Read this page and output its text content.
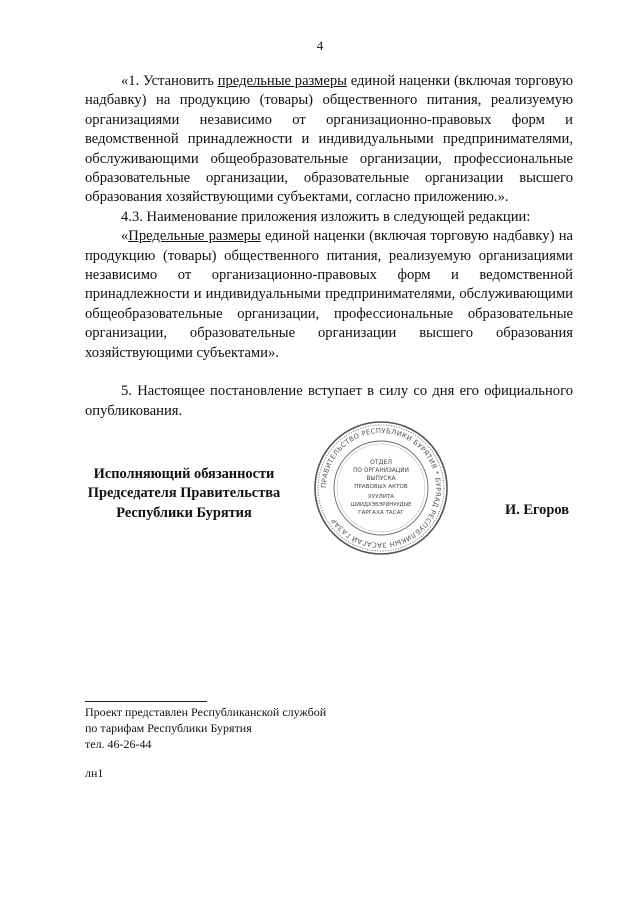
4

«1. Установить предельные размеры единой наценки (включая торговую надбавку) на продукцию (товары) общественного питания, реализуемую организациями независимо от организационно-правовых форм и ведомственной принадлежности и индивидуальными предпринимателями, обслуживающими общеобразовательные организации, профессиональные образовательные организации, образовательные организации высшего образования хозяйствующими субъектами, согласно приложению.».

4.3. Наименование приложения изложить в следующей редакции:

«Предельные размеры единой наценки (включая торговую надбавку) на продукцию (товары) общественного питания, реализуемую организациями независимо от организационно-правовых форм и ведомственной принадлежности и индивидуальными предпринимателями, обслуживающими общеобразовательные организации, профессиональные образовательные организации, образовательные организации высшего образования хозяйствующими субъектами».

5. Настоящее постановление вступает в силу со дня его официального опубликования.

Исполняющий обязанности
Председателя Правительства
Республики Бурятия
ПРАВИТЕЛЬСТВО РЕСПУБЛИКИ БУРЯТИЯ * БУРЯАД РЕСПУБЛИКЫН ЗАСАГАЙ ГАЗАР
ОТДЕЛ
ПО ОРГАНИЗАЦИИ
ВЫПУСКА
ПРАВОВЫХ АКТОВ
ХУУЛИТА
ШИИДХЭБЭРИНУУДЫЕ
ГАРГАХА ТАСАГ	И. Егоров
Проект представлен Республиканской службой
по тарифам Республики Бурятия
тел. 46-26-44
лн1
